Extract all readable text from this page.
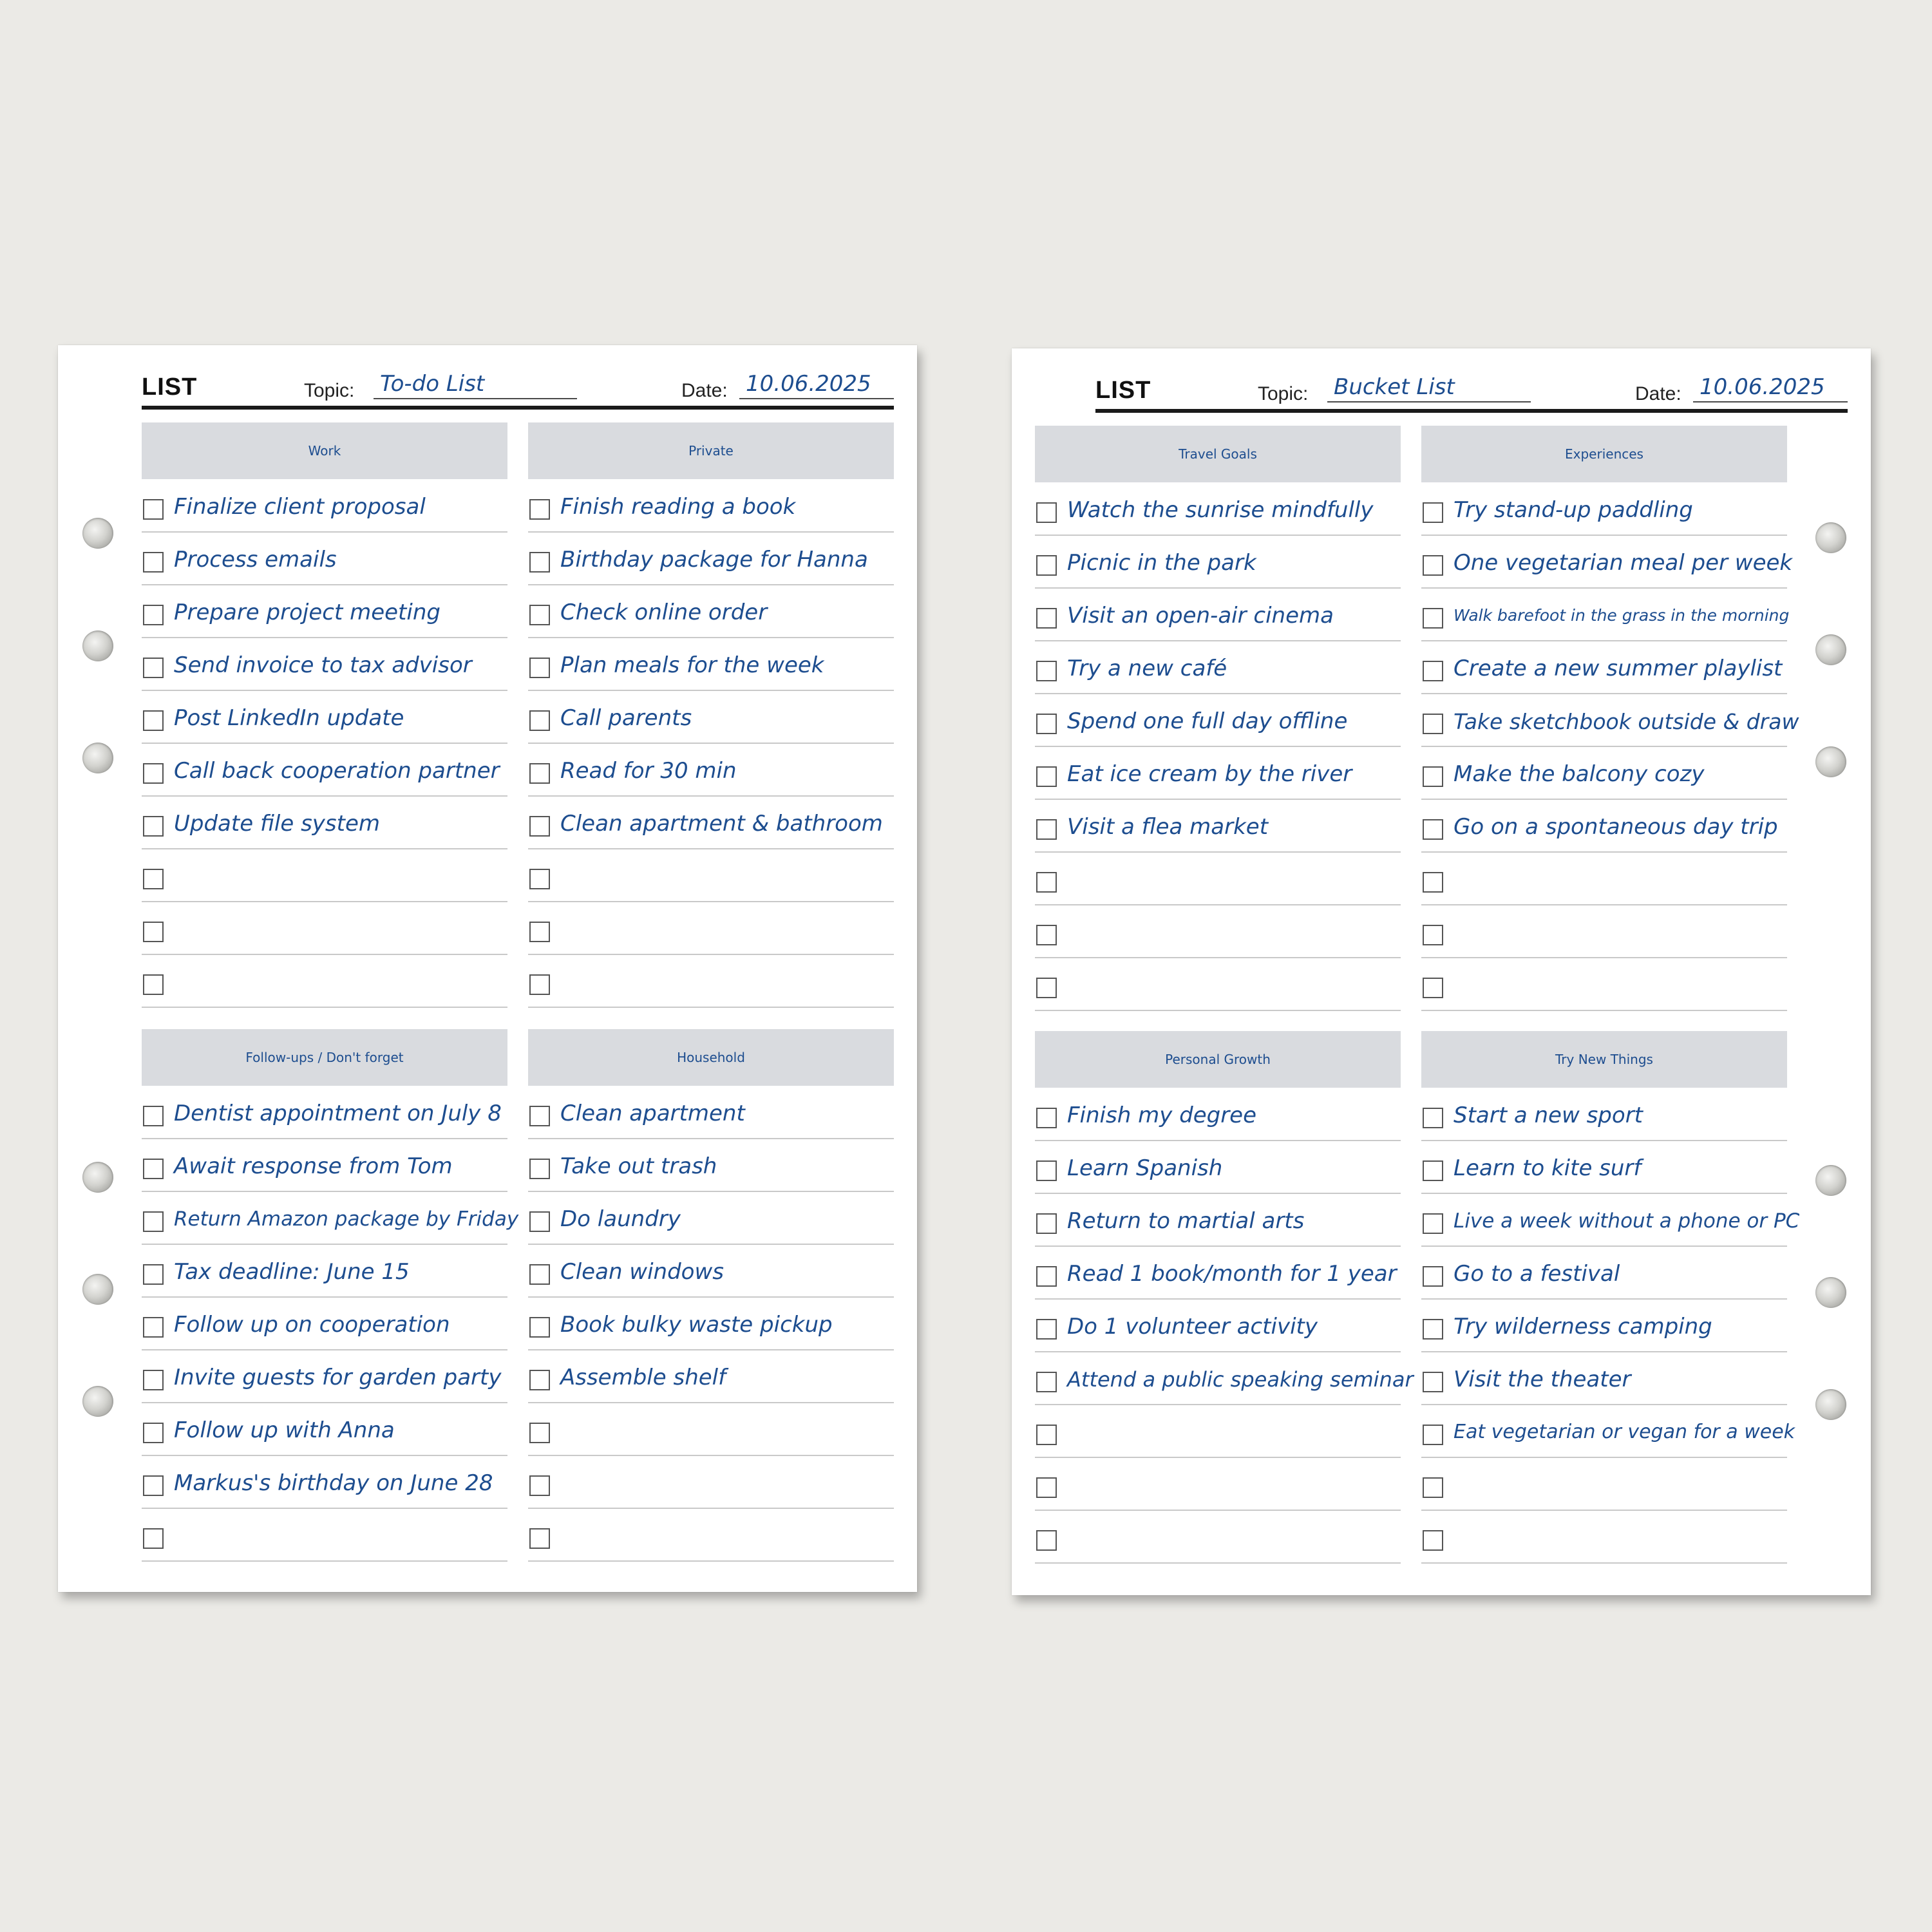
LIST	Topic: To-do List	Date: 10.06.2025
Work
Finalize client proposal
Process emails
Prepare project meeting
Send invoice to tax advisor
Post LinkedIn update
Call back cooperation partner
Update file system
Private
Finish reading a book
Birthday package for Hanna
Check online order
Plan meals for the week
Call parents
Read for 30 min
Clean apartment & bathroom
Follow-ups / Don't forget
Dentist appointment on July 8
Await response from Tom
Return Amazon package by Friday
Tax deadline: June 15
Follow up on cooperation
Invite guests for garden party
Follow up with Anna
Markus's birthday on June 28
Household
Clean apartment
Take out trash
Do laundry
Clean windows
Book bulky waste pickup
Assemble shelf
LIST	Topic: Bucket List	Date: 10.06.2025
Travel Goals
Watch the sunrise mindfully
Picnic in the park
Visit an open-air cinema
Try a new café
Spend one full day offline
Eat ice cream by the river
Visit a flea market
Experiences
Try stand-up paddling
One vegetarian meal per week
Walk barefoot in the grass in the morning
Create a new summer playlist
Take sketchbook outside & draw
Make the balcony cozy
Go on a spontaneous day trip
Personal Growth
Finish my degree
Learn Spanish
Return to martial arts
Read 1 book/month for 1 year
Do 1 volunteer activity
Attend a public speaking seminar
Try New Things
Start a new sport
Learn to kite surf
Live a week without a phone or PC
Go to a festival
Try wilderness camping
Visit the theater
Eat vegetarian or vegan for a week
